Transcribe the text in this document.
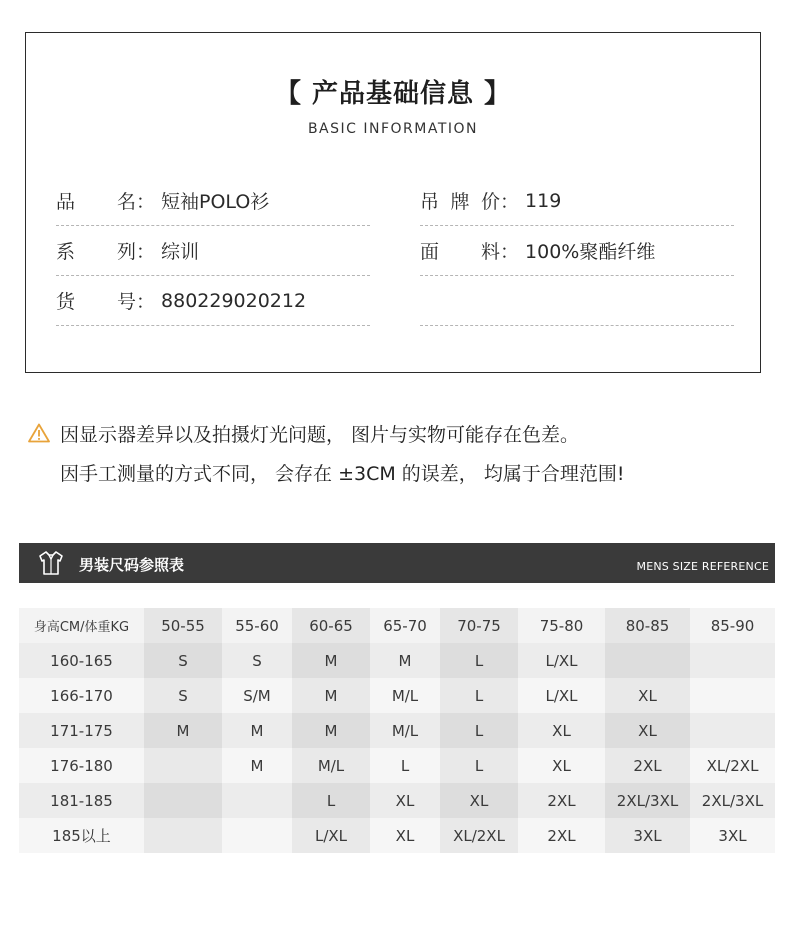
【 产品基础信息 】
BASIC INFORMATION
品　名 ： 短袖POLO衫
系　列 ： 综训
货　号 ： 880229020212
吊牌价 ： 119
面　料 ： 100%聚酯纤维
因显示器差异以及拍摄灯光问题， 图片与实物可能存在色差。
因手工测量的方式不同， 会存在 ±3CM 的误差， 均属于合理范围!
男装尺码参照表	MENS SIZE REFERENCE
身高CM/体重KG	50-55	55-60	60-65	65-70	70-75	75-80	80-85	85-90
160-165	S	S	M	M	L	L/XL		
166-170	S	S/M	M	M/L	L	L/XL	XL	
171-175	M	M	M	M/L	L	XL	XL	
176-180		M	M/L	L	L	XL	2XL	XL/2XL
181-185			L	XL	XL	2XL	2XL/3XL	2XL/3XL
185以上			L/XL	XL	XL/2XL	2XL	3XL	3XL
